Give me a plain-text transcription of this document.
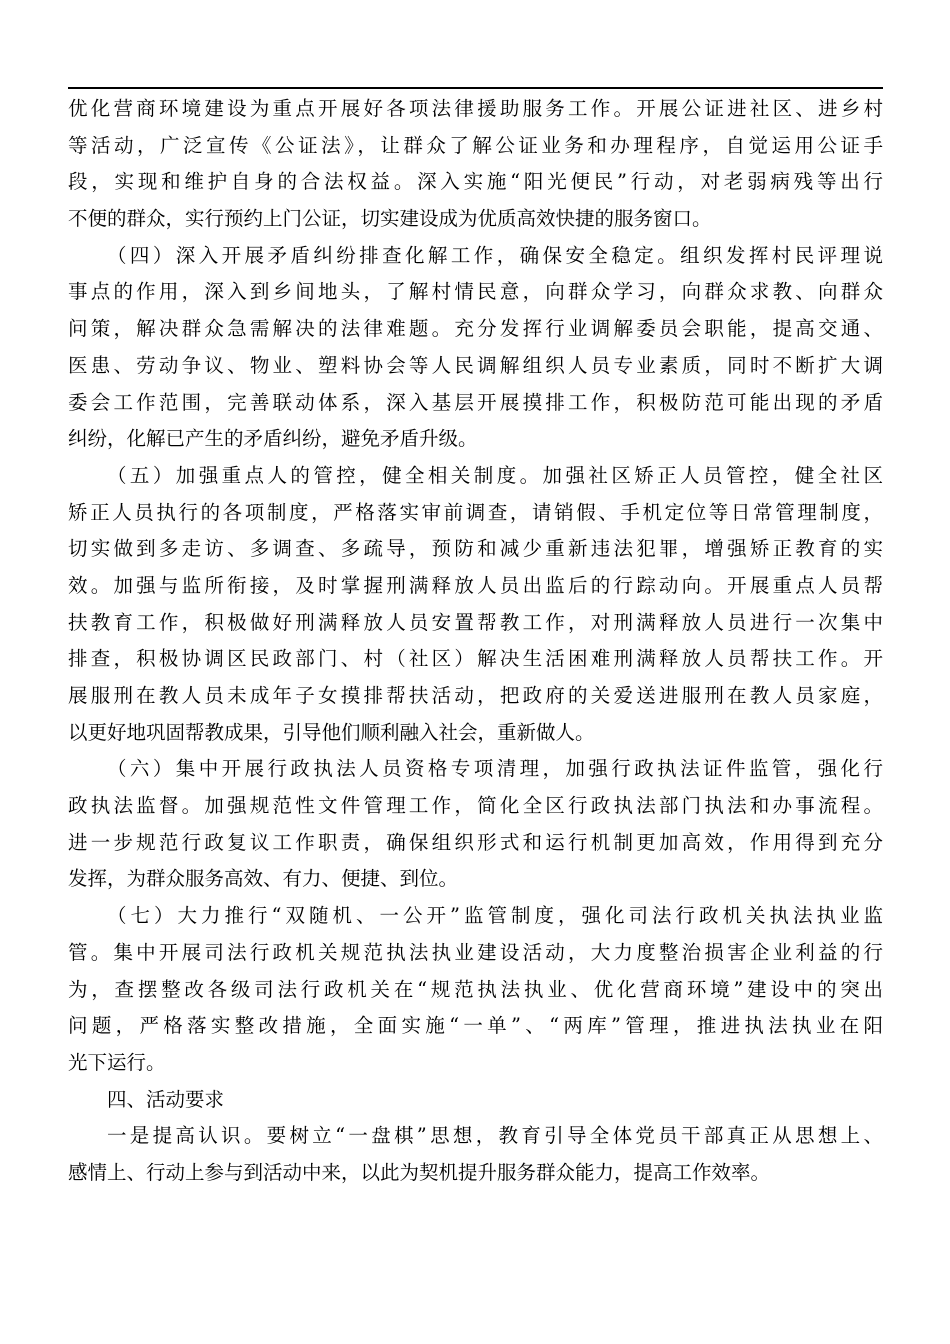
优化营商环境建设为重点开展好各项法律援助服务工作。开展公证进社区、进乡村
等活动，广泛宣传《公证法》，让群众了解公证业务和办理程序，自觉运用公证手
段，实现和维护自身的合法权益。深入实施“阳光便民”行动，对老弱病残等出行
不便的群众，实行预约上门公证，切实建设成为优质高效快捷的服务窗口。
（四）深入开展矛盾纠纷排查化解工作，确保安全稳定。组织发挥村民评理说
事点的作用，深入到乡间地头，了解村情民意，向群众学习，向群众求教、向群众
问策，解决群众急需解决的法律难题。充分发挥行业调解委员会职能，提高交通、
医患、劳动争议、物业、塑料协会等人民调解组织人员专业素质，同时不断扩大调
委会工作范围，完善联动体系，深入基层开展摸排工作，积极防范可能出现的矛盾
纠纷，化解已产生的矛盾纠纷，避免矛盾升级。
（五）加强重点人的管控，健全相关制度。加强社区矫正人员管控，健全社区
矫正人员执行的各项制度，严格落实审前调查，请销假、手机定位等日常管理制度，
切实做到多走访、多调查、多疏导，预防和减少重新违法犯罪，增强矫正教育的实
效。加强与监所衔接，及时掌握刑满释放人员出监后的行踪动向。开展重点人员帮
扶教育工作，积极做好刑满释放人员安置帮教工作，对刑满释放人员进行一次集中
排查，积极协调区民政部门、村（社区）解决生活困难刑满释放人员帮扶工作。开
展服刑在教人员未成年子女摸排帮扶活动，把政府的关爱送进服刑在教人员家庭，
以更好地巩固帮教成果，引导他们顺利融入社会，重新做人。
（六）集中开展行政执法人员资格专项清理，加强行政执法证件监管，强化行
政执法监督。加强规范性文件管理工作，简化全区行政执法部门执法和办事流程。
进一步规范行政复议工作职责，确保组织形式和运行机制更加高效，作用得到充分
发挥，为群众服务高效、有力、便捷、到位。
（七）大力推行“双随机、一公开”监管制度，强化司法行政机关执法执业监
管。集中开展司法行政机关规范执法执业建设活动，大力度整治损害企业利益的行
为，查摆整改各级司法行政机关在“规范执法执业、优化营商环境”建设中的突出
问题，严格落实整改措施，全面实施“一单”、“两库”管理，推进执法执业在阳
光下运行。
四、活动要求
一是提高认识。要树立“一盘棋”思想，教育引导全体党员干部真正从思想上、
感情上、行动上参与到活动中来，以此为契机提升服务群众能力，提高工作效率。
